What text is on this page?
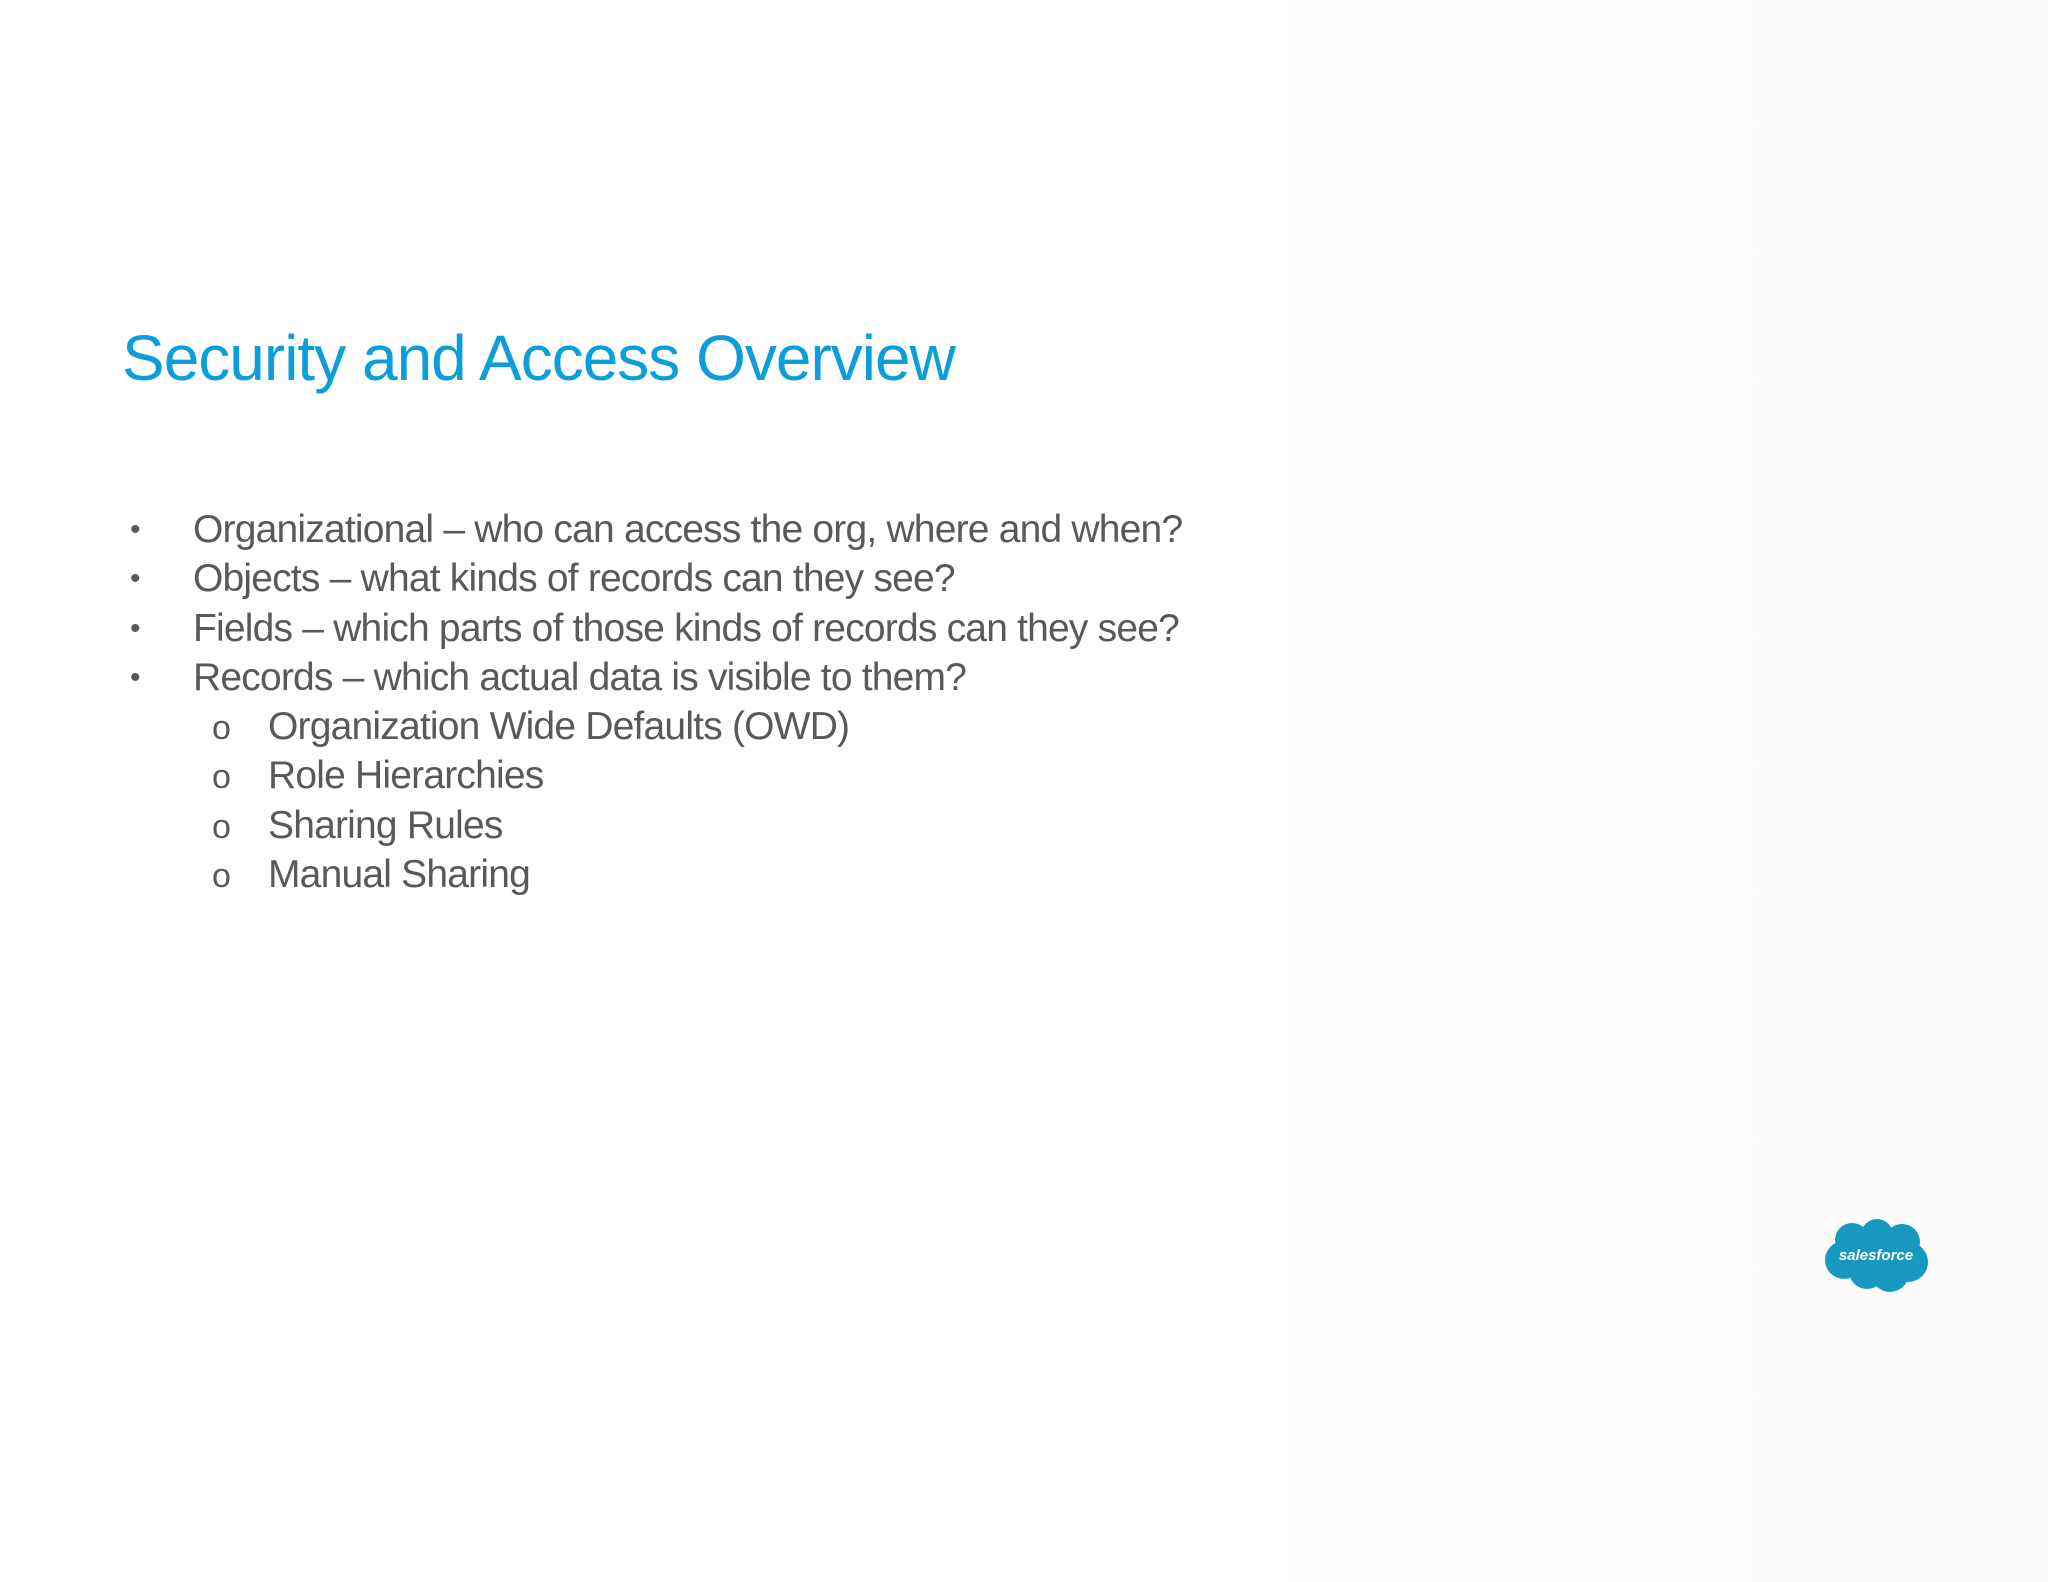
Security and Access Overview
•	Organizational – who can access the org, where and when?
•	Objects – what kinds of records can they see?
•	Fields – which parts of those kinds of records can they see?
•	Records – which actual data is visible to them?
o Organization Wide Defaults (OWD)
o Role Hierarchies
o Sharing Rules
o Manual Sharing
salesforce
